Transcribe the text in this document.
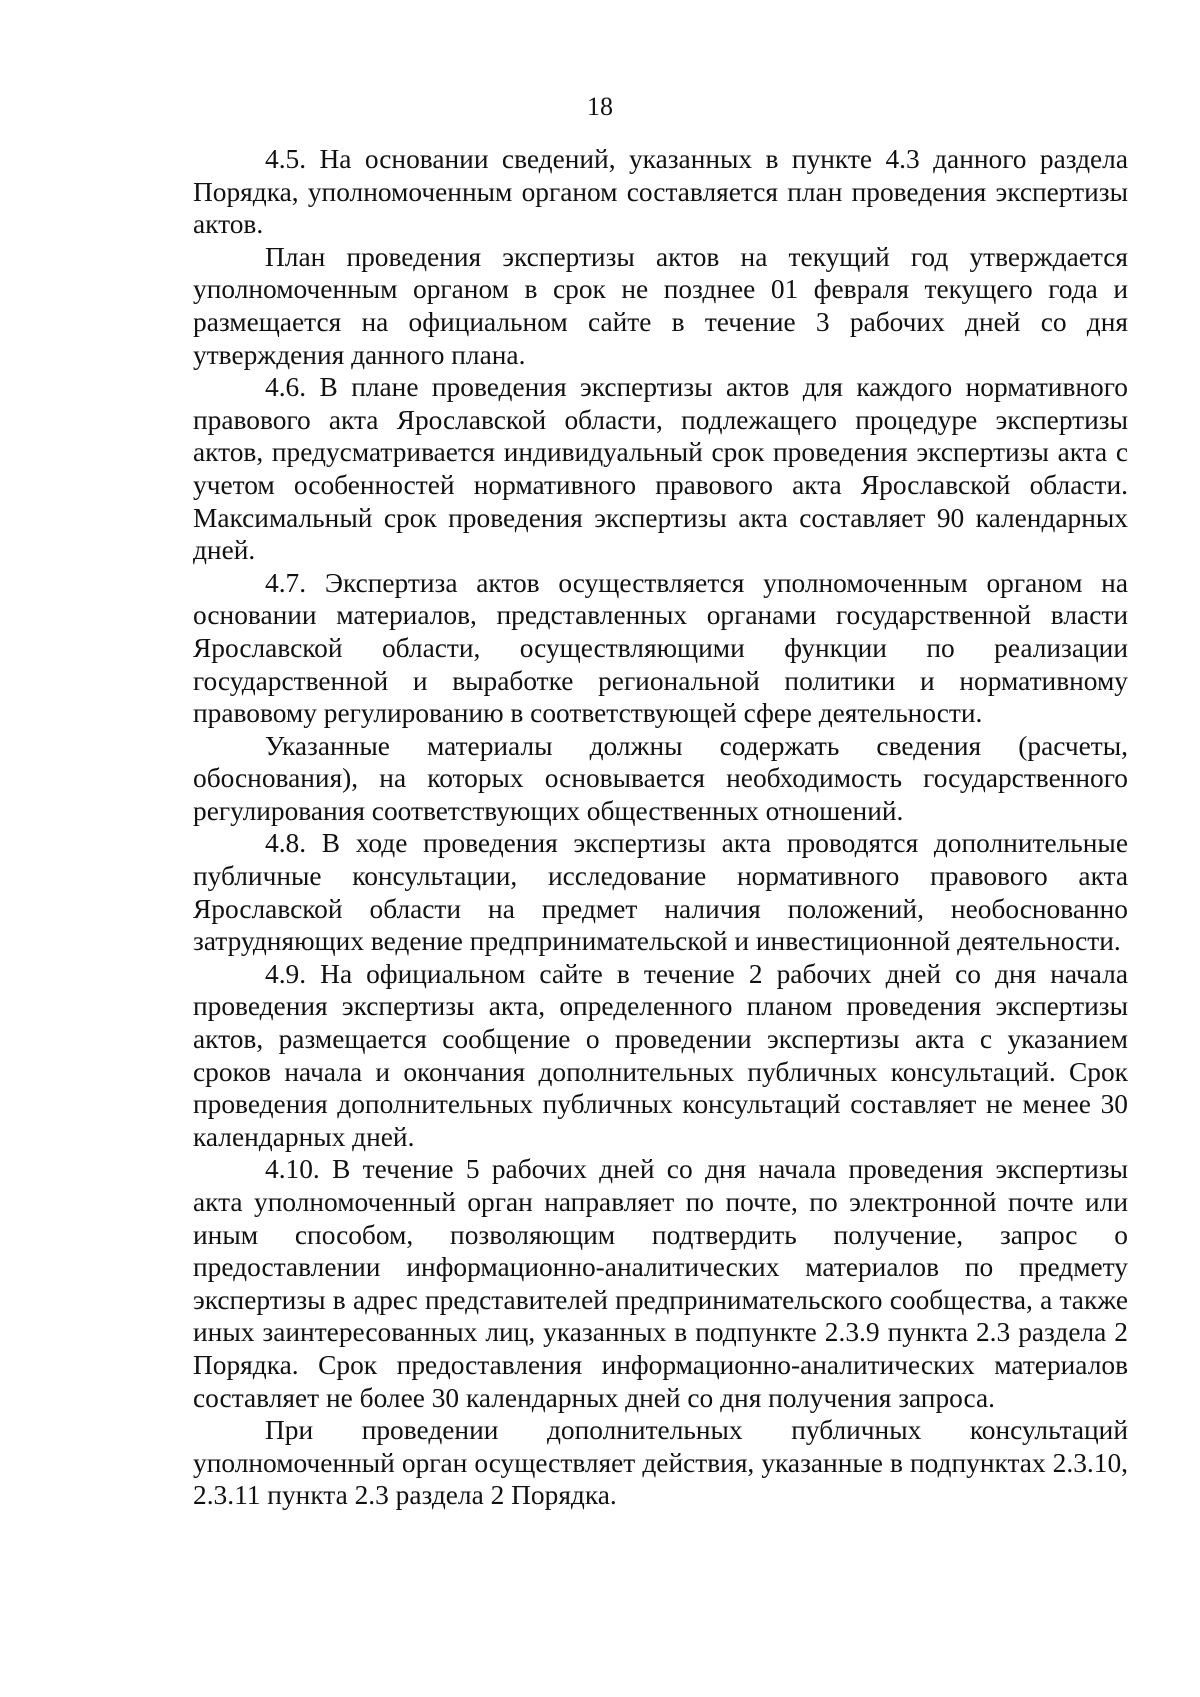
18

4.5. На основании сведений, указанных в пункте 4.3 данного раздела Порядка, уполномоченным органом составляется план проведения экспертизы актов.

План проведения экспертизы актов на текущий год утверждается уполномоченным органом в срок не позднее 01 февраля текущего года и размещается на официальном сайте в течение 3 рабочих дней со дня утверждения данного плана.

4.6. В плане проведения экспертизы актов для каждого нормативного правового акта Ярославской области, подлежащего процедуре экспертизы актов, предусматривается индивидуальный срок проведения экспертизы акта с учетом особенностей нормативного правового акта Ярославской области. Максимальный срок проведения экспертизы акта составляет 90 календарных дней.

4.7. Экспертиза актов осуществляется уполномоченным органом на основании материалов, представленных органами государственной власти Ярославской области, осуществляющими функции по реализации государственной и выработке региональной политики и нормативному правовому регулированию в соответствующей сфере деятельности.

Указанные материалы должны содержать сведения (расчеты, обоснования), на которых основывается необходимость государственного регулирования соответствующих общественных отношений.

4.8. В ходе проведения экспертизы акта проводятся дополнительные публичные консультации, исследование нормативного правового акта Ярославской области на предмет наличия положений, необоснованно затрудняющих ведение предпринимательской и инвестиционной деятельности.

4.9. На официальном сайте в течение 2 рабочих дней со дня начала проведения экспертизы акта, определенного планом проведения экспертизы актов, размещается сообщение о проведении экспертизы акта с указанием сроков начала и окончания дополнительных публичных консультаций. Срок проведения дополнительных публичных консультаций составляет не менее 30 календарных дней.

4.10. В течение 5 рабочих дней со дня начала проведения экспертизы акта уполномоченный орган направляет по почте, по электронной почте или иным способом, позволяющим подтвердить получение, запрос о предоставлении информационно-аналитических материалов по предмету экспертизы в адрес представителей предпринимательского сообщества, а также иных заинтересованных лиц, указанных в подпункте 2.3.9 пункта 2.3 раздела 2 Порядка. Срок предоставления информационно-аналитических материалов составляет не более 30 календарных дней со дня получения запроса.

При проведении дополнительных публичных консультаций уполномоченный орган осуществляет действия, указанные в подпунктах 2.3.10, 2.3.11 пункта 2.3 раздела 2 Порядка.
